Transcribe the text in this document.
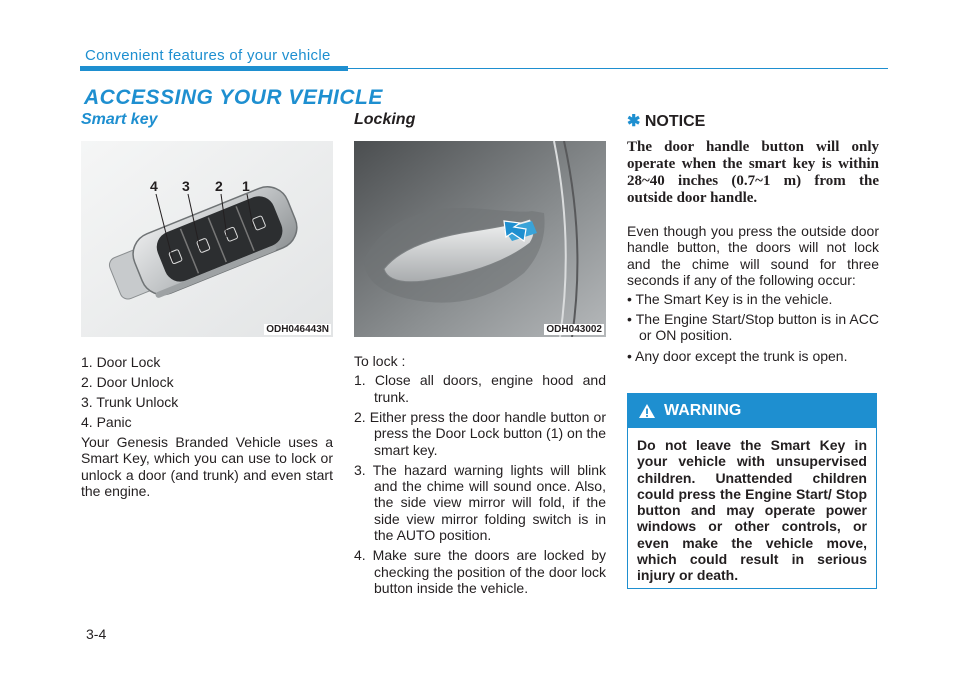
Convenient features of your vehicle
ACCESSING YOUR VEHICLE
Smart key
4 3 2 1
ODH046443N
1. Door Lock
2. Door Unlock
3. Trunk Unlock
4. Panic
Your Genesis Branded Vehicle uses a Smart Key, which you can use to lock or unlock a door (and trunk) and even start the engine.
Locking
ODH043002
To lock :
1. Close all doors, engine hood and trunk.
2. Either press the door handle button or press the Door Lock button (1) on the smart key.
3. The hazard warning lights will blink and the chime will sound once. Also, the side view mirror will fold, if the side view mirror folding switch is in the AUTO position.
4. Make sure the doors are locked by checking the position of the door lock button inside the vehicle.
✱ NOTICE
The door handle button will only operate when the smart key is within 28~40 inches (0.7~1 m) from the outside door handle.
Even though you press the outside door handle button, the doors will not lock and the chime will sound for three seconds if any of the following occur:
• The Smart Key is in the vehicle.
• The Engine Start/Stop button is in ACC or ON position.
• Any door except the trunk is open.
WARNING
Do not leave the Smart Key in your vehicle with unsupervised children. Unattended children could press the Engine Start/ Stop button and may operate power windows or other controls, or even make the vehicle move, which could result in serious injury or death.
3-4
